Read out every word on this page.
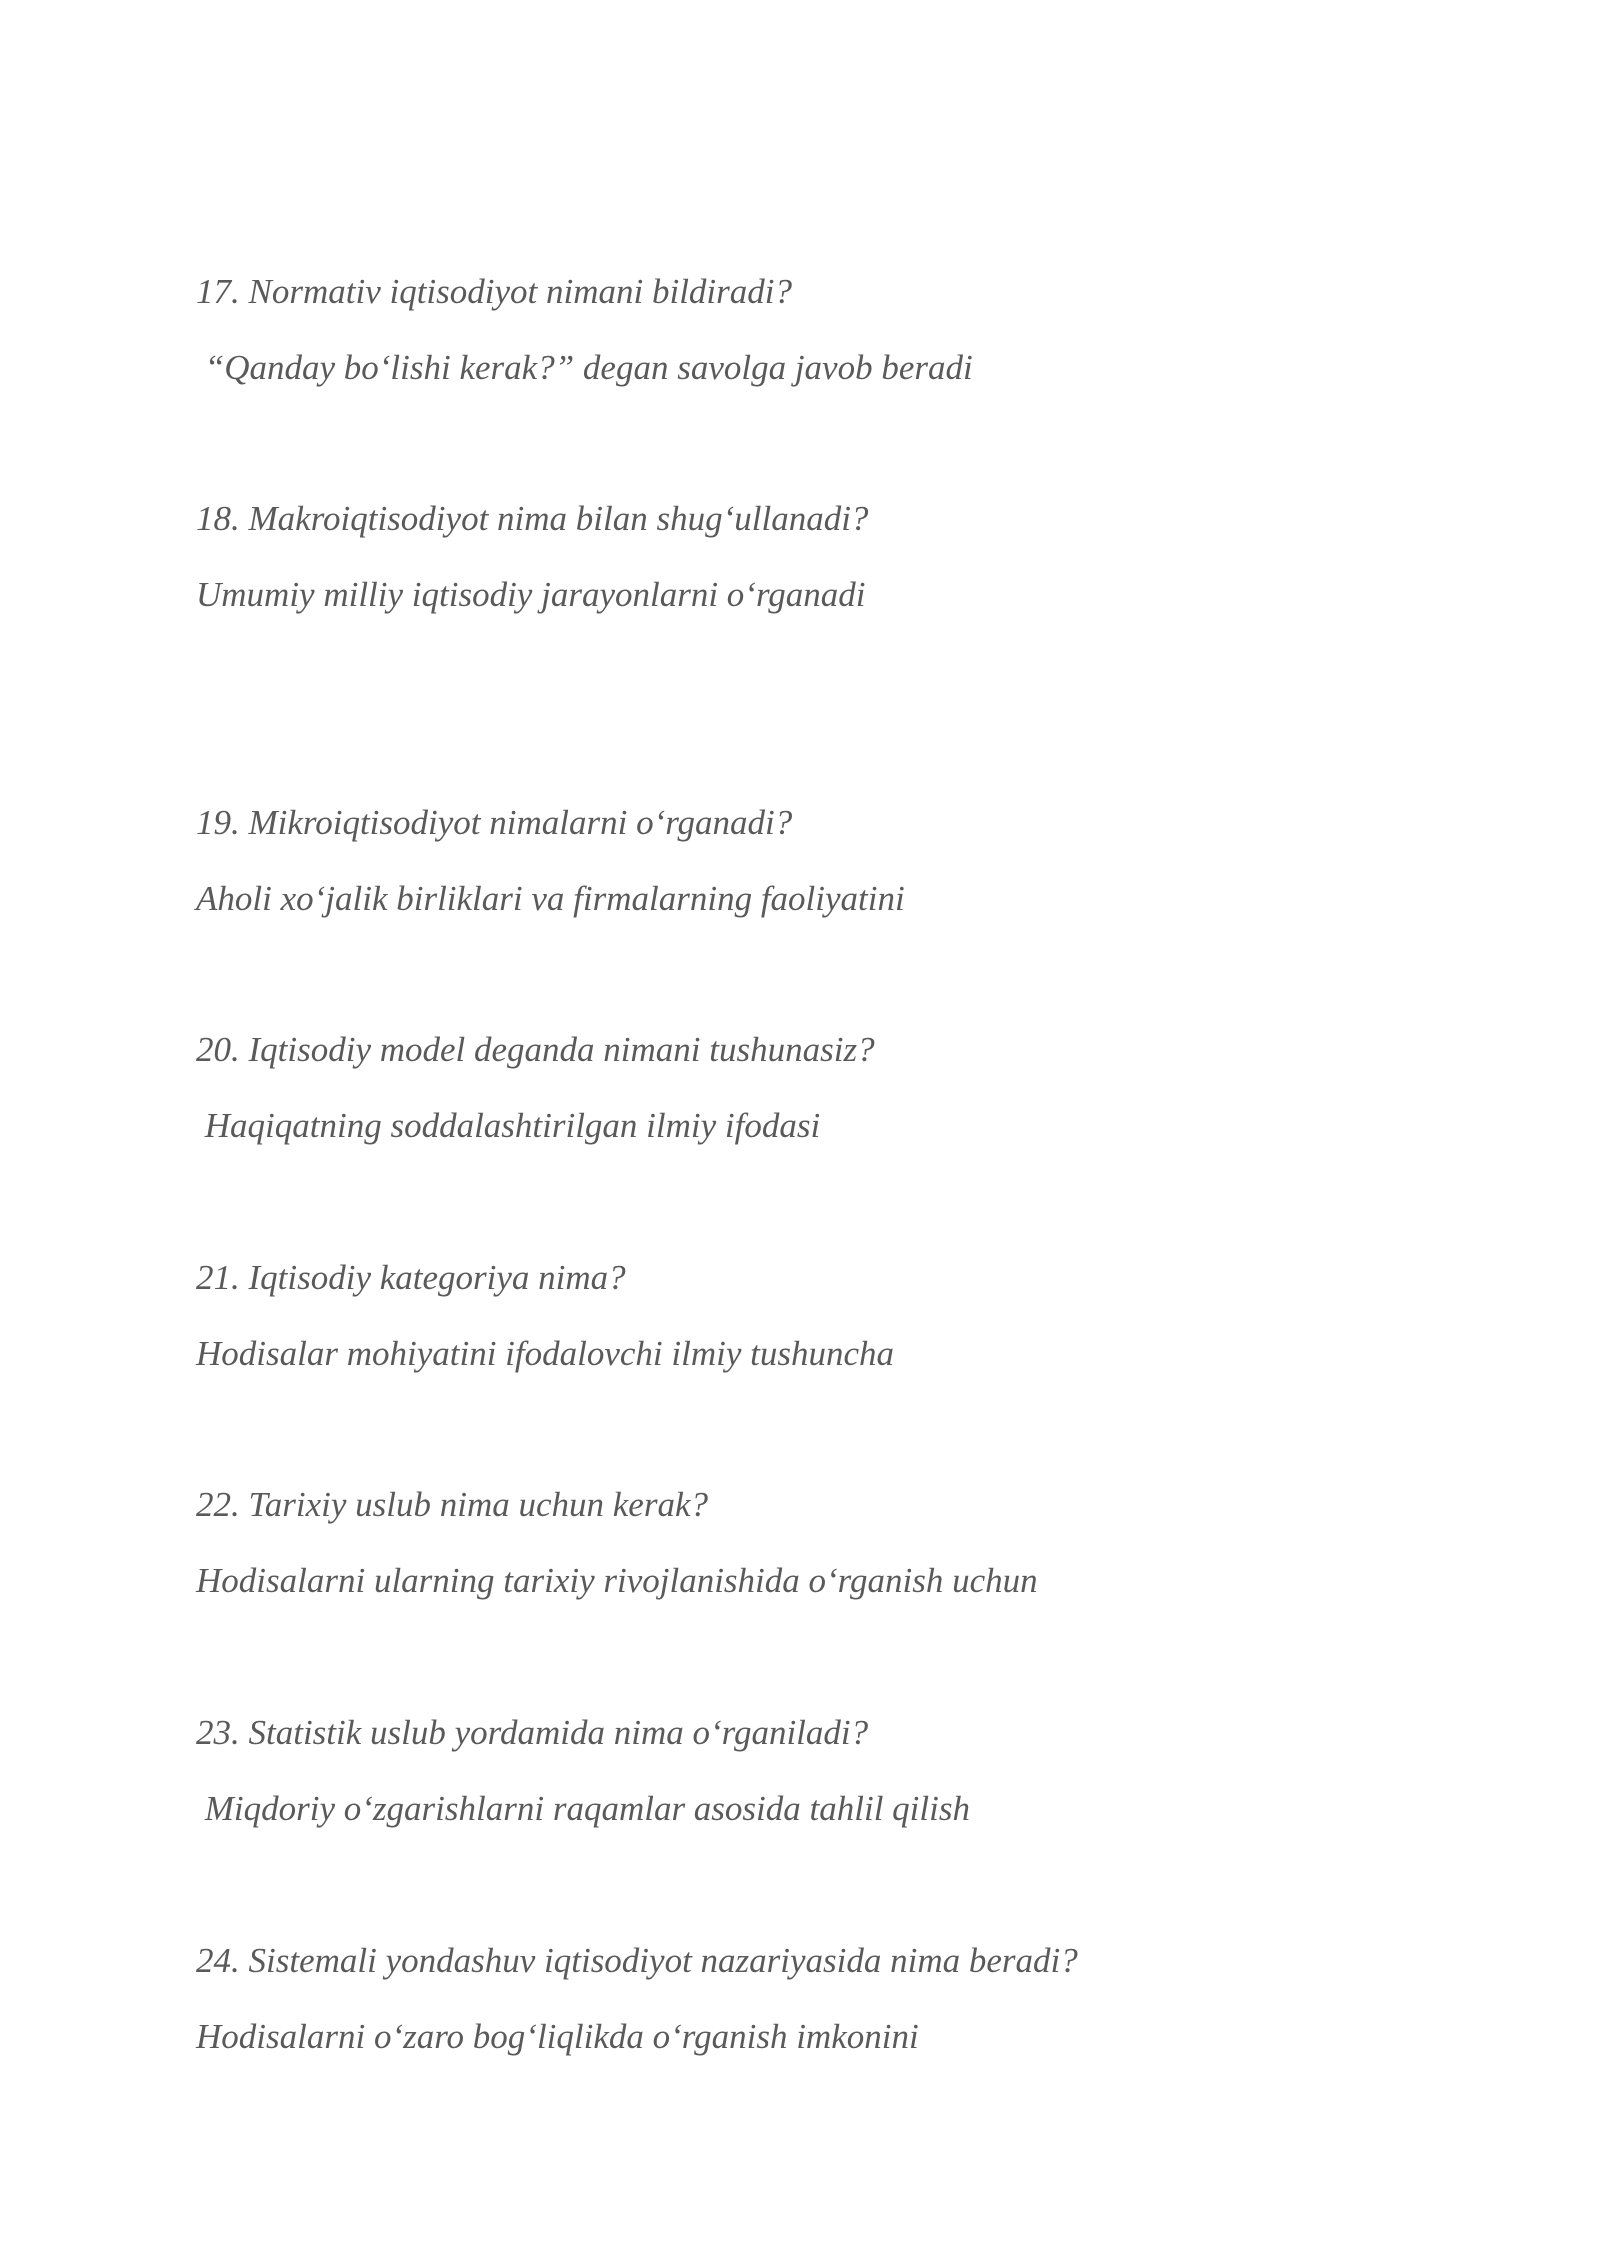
17. Normativ iqtisodiyot nimani bildiradi?

“Qanday bo‘lishi kerak?” degan savolga javob beradi

18. Makroiqtisodiyot nima bilan shug‘ullanadi?

Umumiy milliy iqtisodiy jarayonlarni o‘rganadi

19. Mikroiqtisodiyot nimalarni o‘rganadi?

Aholi xo‘jalik birliklari va firmalarning faoliyatini

20. Iqtisodiy model deganda nimani tushunasiz?

Haqiqatning soddalashtirilgan ilmiy ifodasi

21. Iqtisodiy kategoriya nima?

Hodisalar mohiyatini ifodalovchi ilmiy tushuncha

22. Tarixiy uslub nima uchun kerak?

Hodisalarni ularning tarixiy rivojlanishida o‘rganish uchun

23. Statistik uslub yordamida nima o‘rganiladi?

Miqdoriy o‘zgarishlarni raqamlar asosida tahlil qilish

24. Sistemali yondashuv iqtisodiyot nazariyasida nima beradi?

Hodisalarni o‘zaro bog‘liqlikda o‘rganish imkonini
